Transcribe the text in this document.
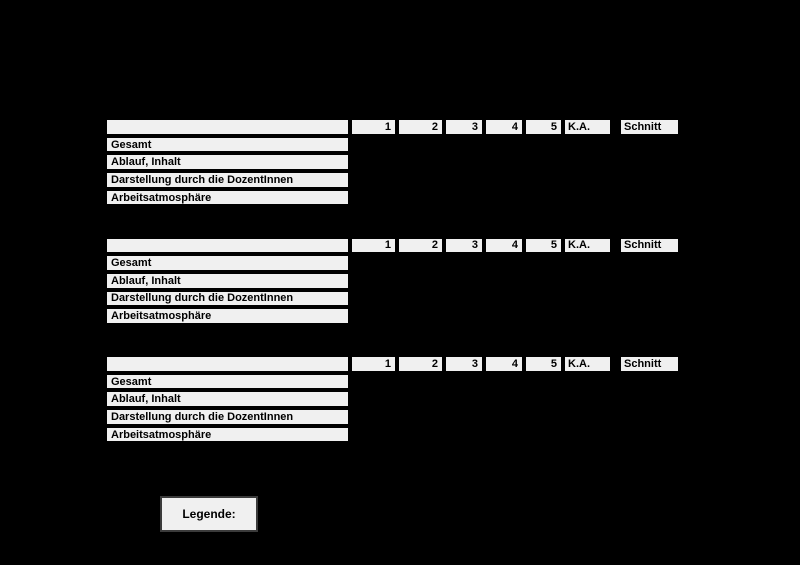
1	2	3	4	5	K.A.	Schnitt
Gesamt
Ablauf, Inhalt
Darstellung durch die DozentInnen
Arbeitsatmosphäre
1	2	3	4	5	K.A.	Schnitt
Gesamt
Ablauf, Inhalt
Darstellung durch die DozentInnen
Arbeitsatmosphäre
1	2	3	4	5	K.A.	Schnitt
Gesamt
Ablauf, Inhalt
Darstellung durch die DozentInnen
Arbeitsatmosphäre
Legende:
